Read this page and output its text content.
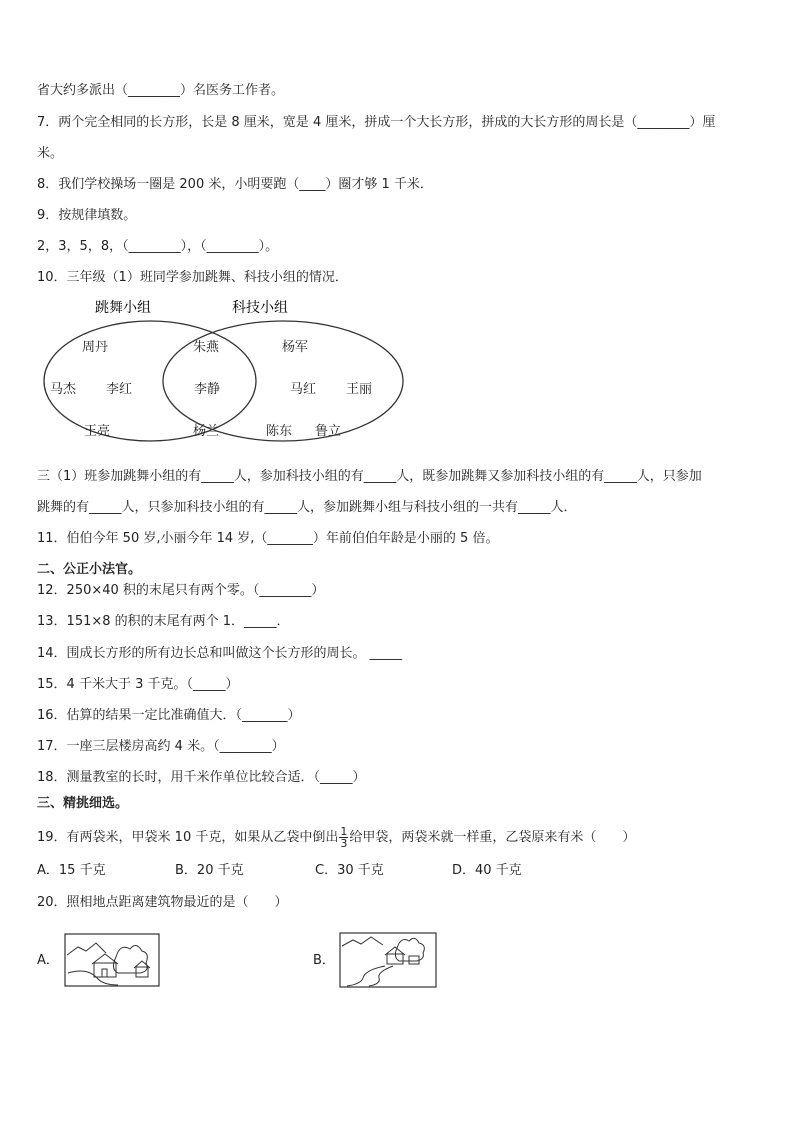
省大约多派出（________）名医务工作者。
7．两个完全相同的长方形，长是 8 厘米，宽是 4 厘米，拼成一个大长方形，拼成的大长方形的周长是（________）厘
米。
8．我们学校操场一圈是 200 米，小明要跑（____）圈才够 1 千米．
9．按规律填数。
2，3，5，8，（________），（________）。
10．三年级（1）班同学参加跳舞、科技小组的情况．
跳舞小组	科技小组
周丹
马杰 李红
王亮
朱燕
李静
杨兰
杨军
马红 王丽
陈东 鲁立
三（1）班参加跳舞小组的有_____人，参加科技小组的有_____人，既参加跳舞又参加科技小组的有_____人，只参加
跳舞的有_____人，只参加科技小组的有_____人，参加跳舞小组与科技小组的一共有_____人．
11．伯伯今年 50 岁,小丽今年 14 岁,（_______）年前伯伯年龄是小丽的 5 倍。
二、公正小法官。
12．250×40 积的末尾只有两个零。（________）
13．151×8 的积的末尾有两个 1．_____．
14．围成长方形的所有边长总和叫做这个长方形的周长。 _____
15．4 千米大于 3 千克。（_____）
16．估算的结果一定比准确值大．（_______）
17．一座三层楼房高约 4 米。（________）
18．测量教室的长时，用千米作单位比较合适．（_____）
三、精挑细选。
19．有两袋米，甲袋米 10 千克，如果从乙袋中倒出 $\frac{1}{3}$ 给甲袋，两袋米就一样重，乙袋原来有米（　　）
A．15 千克	B．20 千克	C．30 千克	D．40 千克
20．照相地点距离建筑物最近的是（　　）
A．	B．
